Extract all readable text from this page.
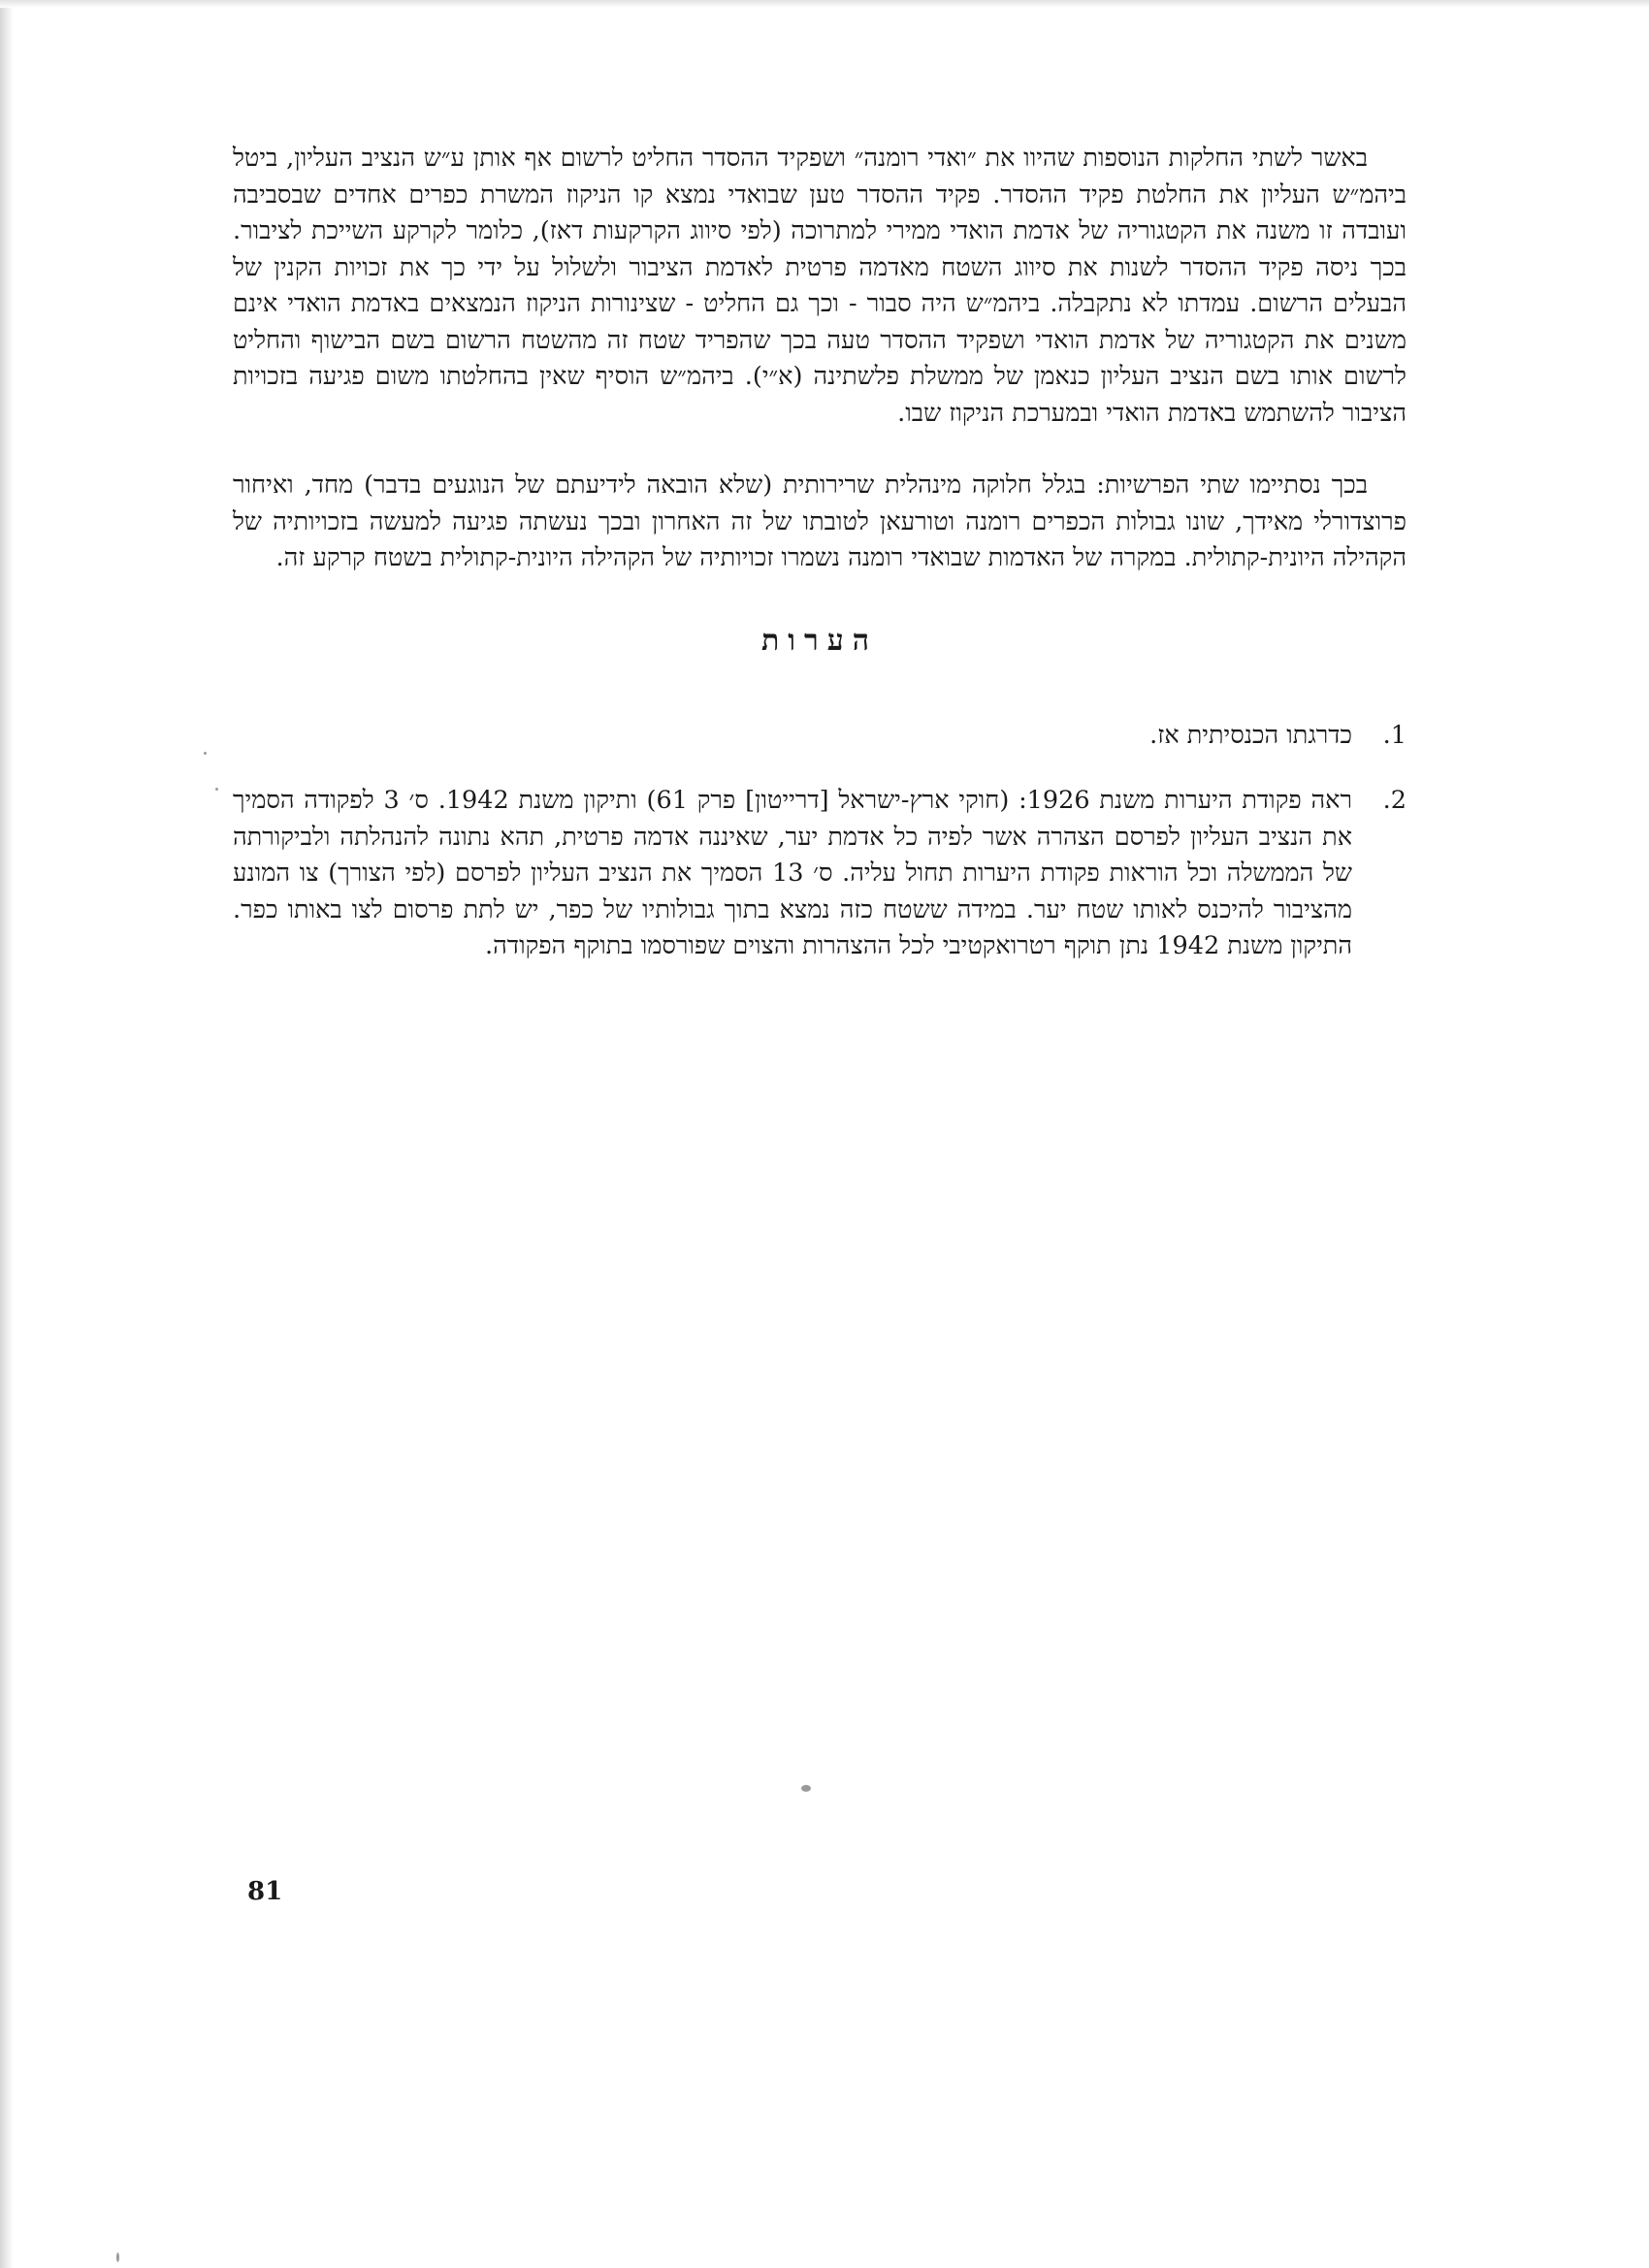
באשר לשתי החלקות הנוספות שהיוו את ״ואדי רומנה״ ושפקיד ההסדר החליט לרשום אף אותן ע״ש הנציב העליון, ביטל ביהמ״ש העליון את החלטת פקיד ההסדר. פקיד ההסדר טען שבואדי נמצא קו הניקוז המשרת כפרים אחדים שבסביבה ועובדה זו משנה את הקטגוריה של אדמת הואדי ממירי למתרוכה (לפי סיווג הקרקעות דאז), כלומר לקרקע השייכת לציבור. בכך ניסה פקיד ההסדר לשנות את סיווג השטח מאדמה פרטית לאדמת הציבור ולשלול על ידי כך את זכויות הקנין של הבעלים הרשום. עמדתו לא נתקבלה. ביהמ״ש היה סבור - וכך גם החליט - שצינורות הניקוז הנמצאים באדמת הואדי אינם משנים את הקטגוריה של אדמת הואדי ושפקיד ההסדר טעה בכך שהפריד שטח זה מהשטח הרשום בשם הבישוף והחליט לרשום אותו בשם הנציב העליון כנאמן של ממשלת פלשתינה (א״י). ביהמ״ש הוסיף שאין בהחלטתו משום פגיעה בזכויות הציבור להשתמש באדמת הואדי ובמערכת הניקוז שבו.

בכך נסתיימו שתי הפרשיות: בגלל חלוקה מינהלית שרירותית (שלא הובאה לידיעתם של הנוגעים בדבר) מחד, ואיחור פרוצדורלי מאידך, שונו גבולות הכפרים רומנה וטורעאן לטובתו של זה האחרון ובכך נעשתה פגיעה למעשה בזכויותיה של הקהילה היונית-קתולית. במקרה של האדמות שבואדי רומנה נשמרו זכויותיה של הקהילה היונית-קתולית בשטח קרקע זה.

הערות
1.
כדרגתו הכנסיתית אז.
2.
ראה פקודת היערות משנת 1926: (חוקי ארץ-ישראל [דרייטון] פרק 61) ותיקון משנת 1942. ס׳ 3 לפקודה הסמיך את הנציב העליון לפרסם הצהרה אשר לפיה כל אדמת יער, שאיננה אדמה פרטית, תהא נתונה להנהלתה ולביקורתה של הממשלה וכל הוראות פקודת היערות תחול עליה. ס׳ 13 הסמיך את הנציב העליון לפרסם (לפי הצורך) צו המונע מהציבור להיכנס לאותו שטח יער. במידה ששטח כזה נמצא בתוך גבולותיו של כפר, יש לתת פרסום לצו באותו כפר. התיקון משנת 1942 נתן תוקף רטרואקטיבי לכל ההצהרות והצוים שפורסמו בתוקף הפקודה.
81
